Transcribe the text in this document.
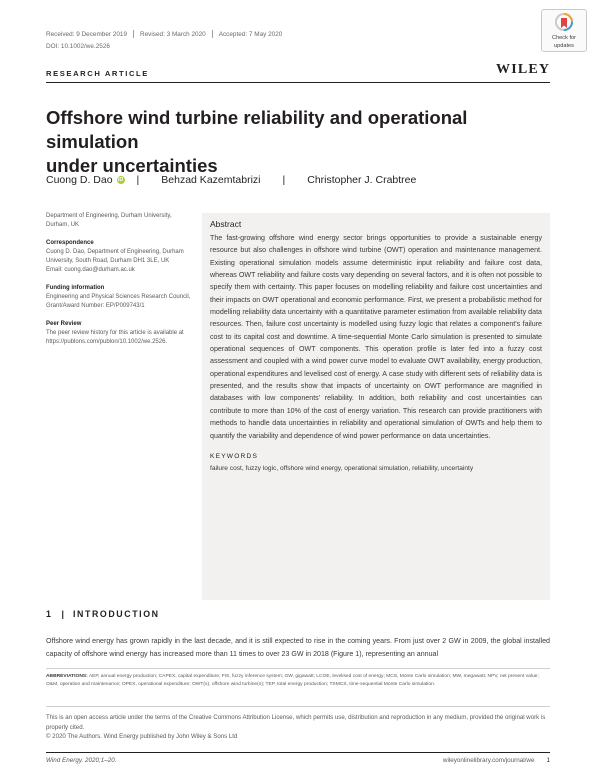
Received: 9 December 2019 Revised: 3 March 2020 Accepted: 7 May 2020
DOI: 10.1002/we.2526
Check for
updates
RESEARCH ARTICLE	WILEY
Offshore wind turbine reliability and operational simulation
under uncertainties
Cuong D. Dao iD | Behzad Kazemtabrizi | Christopher J. Crabtree

Department of Engineering, Durham University, Durham, UK

Correspondence

Cuong D. Dao, Department of Engineering, Durham University, South Road, Durham DH1 3LE, UK

Email: cuong.dao@durham.ac.uk

Funding information

Engineering and Physical Sciences Research Council, Grant/Award Number: EP/P009743/1

Peer Review

The peer review history for this article is available at https://publons.com/publon/10.1002/we.2526.

Abstract

The fast-growing offshore wind energy sector brings opportunities to provide a sustainable energy resource but also challenges in offshore wind turbine (OWT) operation and maintenance management. Existing operational simulation models assume deterministic input reliability and failure cost data, whereas OWT reliability and failure costs vary depending on several factors, and it is often not possible to specify them with certainty. This paper focuses on modelling reliability and failure cost uncertainties and their impacts on OWT operational and economic performance. First, we present a probabilistic method for modelling reliability data uncertainty with a quantitative parameter estimation from available reliability data resources. Then, failure cost uncertainty is modelled using fuzzy logic that relates a component's failure cost to its capital cost and downtime. A time-sequential Monte Carlo simulation is presented to simulate operational sequences of OWT components. This operation profile is later fed into a fuzzy cost assessment and coupled with a wind power curve model to evaluate OWT availability, energy production, operational expenditures and levelised cost of energy. A case study with different sets of reliability data is presented, and the results show that impacts of uncertainty on OWT performance are magnified in databases with low components' reliability. In addition, both reliability and cost uncertainties can contribute to more than 10% of the cost of energy variation. This research can provide practitioners with methods to handle data uncertainties in reliability and operational simulation of OWTs and help them to quantify the variability and dependence of wind power performance on data uncertainties.

KEYWORDS
failure cost, fuzzy logic, offshore wind energy, operational simulation, reliability, uncertainty
1 | INTRODUCTION

Offshore wind energy has grown rapidly in the last decade, and it is still expected to rise in the coming years. From just over 2 GW in 2009, the global installed capacity of offshore wind energy has increased more than 11 times to over 23 GW in 2018 (Figure 1), representing an annual

ABBREVIATIONS: AEP, annual energy production; CAPEX, capital expenditure; FIS, fuzzy inference system; GW, gigawatt; LCOE, levelised cost of energy; MCS, Monte Carlo simulation; MW, megawatt; NPV, net present value; O&M, operation and maintenance; OPEX, operational expenditure; OWT(s), offshore wind turbine(s); TEP, total energy production; TSMCS, time-sequential Monte Carlo simulation.
This is an open access article under the terms of the Creative Commons Attribution License, which permits use, distribution and reproduction in any medium, provided the original work is properly cited.
© 2020 The Authors. Wind Energy published by John Wiley & Sons Ltd
Wind Energy. 2020;1–20.	wileyonlinelibrary.com/journal/we 1
